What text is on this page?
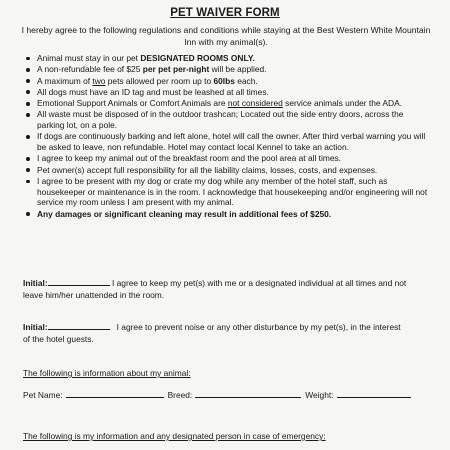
PET WAIVER FORM
I hereby agree to the following regulations and conditions while staying at the Best Western White Mountain Inn with my animal(s).
Animal must stay in our pet DESIGNATED ROOMS ONLY.
A non-refundable fee of $25 per pet per-night will be applied.
A maximum of two pets allowed per room up to 60lbs each.
All dogs must have an ID tag and must be leashed at all times.
Emotional Support Animals or Comfort Animals are not considered service animals under the ADA.
All waste must be disposed of in the outdoor trashcan; Located out the side entry doors, across the parking lot, on a pole.
If dogs are continuously barking and left alone, hotel will call the owner. After third verbal warning you will be asked to leave, non refundable. Hotel may contact local Kennel to take an action.
I agree to keep my animal out of the breakfast room and the pool area at all times.
Pet owner(s) accept full responsibility for all the liability claims, losses, costs, and expenses.
I agree to be present with my dog or crate my dog while any member of the hotel staff, such as housekeeper or maintenance is in the room. I acknowledge that housekeeping and/or engineering will not service my room unless I am present with my animal.
Any damages or significant cleaning may result in additional fees of $250.
Initial:	I agree to keep my pet(s) with me or a designated individual at all times and not leave him/her unattended in the room.
Initial:	I agree to prevent noise or any other disturbance by my pet(s), in the interest of the hotel guests.
The following is information about my animal:
Pet Name:	Breed:	Weight:
The following is my information and any designated person in case of emergency:
